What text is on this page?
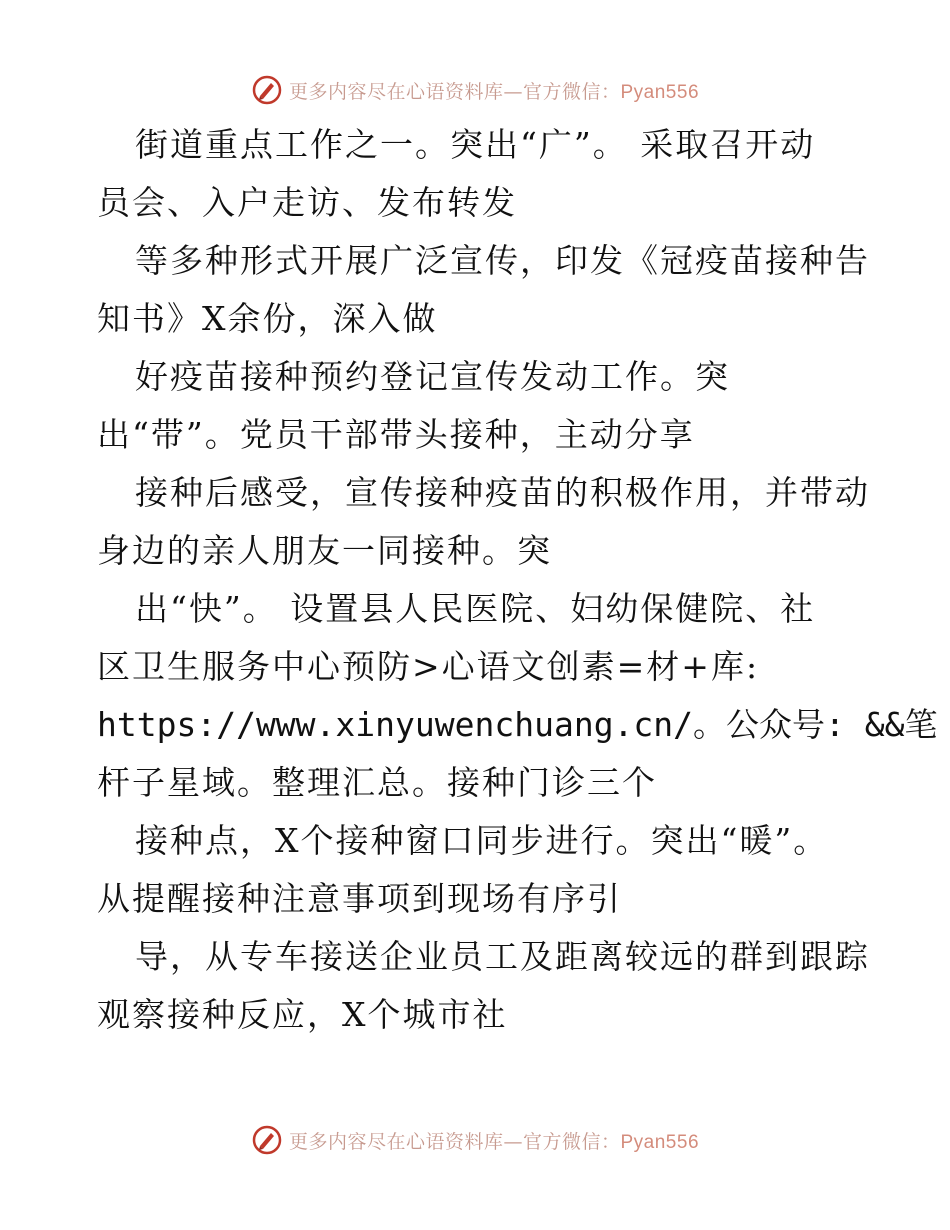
更多内容尽在心语资料库—官方微信：Pyan556
街道重点工作之一。突出“广”。 采取召开动
员会、入户走访、发布转发
等多种形式开展广泛宣传，印发《冠疫苗接种告
知书》X余份，深入做
好疫苗接种预约登记宣传发动工作。突
出“带”。党员干部带头接种，主动分享
接种后感受，宣传接种疫苗的积极作用，并带动
身边的亲人朋友一同接种。突
出“快”。 设置县人民医院、妇幼保健院、社
区卫生服务中心预防>心语文创素=材+库:
https://www.xinyuwenchuang.cn/。公众号: &&笔
杆子星域。整理汇总。接种门诊三个
接种点，X个接种窗口同步进行。突出“暖”。
从提醒接种注意事项到现场有序引
导，从专车接送企业员工及距离较远的群到跟踪
观察接种反应，X个城市社
更多内容尽在心语资料库—官方微信：Pyan556
